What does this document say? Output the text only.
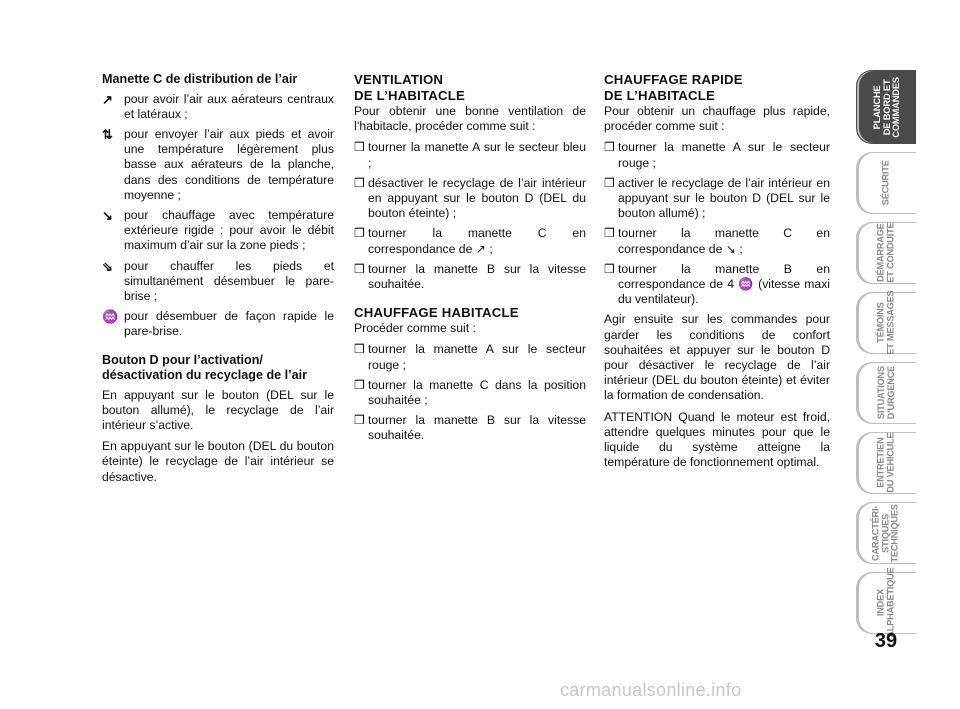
Manette C de distribution de l’air
↗ pour avoir l’air aux aérateurs centraux et latéraux ;
⇅ pour envoyer l’air aux pieds et avoir une température légèrement plus basse aux aérateurs de la planche, dans des conditions de température moyenne ;
↘ pour chauffage avec température extérieure rigide : pour avoir le débit maximum d’air sur la zone pieds ;
⇘ pour chauffer les pieds et simultanément désembuer le pare-brise ;
♒ pour désembuer de façon rapide le pare-brise.
Bouton D pour l’activation/ désactivation du recyclage de l’air

En appuyant sur le bouton (DEL sur le bouton allumé), le recyclage de l’air intérieur s’active.

En appuyant sur le bouton (DEL du bouton éteinte) le recyclage de l’air intérieur se désactive.

VENTILATION
DE L’HABITACLE

Pour obtenir une bonne ventilation de l’habitacle, procéder comme suit :

❒ tourner la manette A sur le secteur bleu ;
❒ désactiver le recyclage de l’air intérieur en appuyant sur le bouton D (DEL du bouton éteinte) ;
❒ tourner la manette C en correspondance de ↗ ;
❒ tourner la manette B sur la vitesse souhaitée.
CHAUFFAGE HABITACLE

Procéder comme suit :

❒ tourner la manette A sur le secteur rouge ;
❒ tourner la manette C dans la position souhaitée ;
❒ tourner la manette B sur la vitesse souhaitée.
CHAUFFAGE RAPIDE
DE L’HABITACLE

Pour obtenir un chauffage plus rapide, procéder comme suit :

❒ tourner la manette A sur le secteur rouge ;
❒ activer le recyclage de l’air intérieur en appuyant sur le bouton D (DEL sur le bouton allumé) ;
❒ tourner la manette C en correspondance de ↘ ;
❒ tourner la manette B en correspondance de 4 ♒ (vitesse maxi du ventilateur).

Agir ensuite sur les commandes pour garder les conditions de confort souhaitées et appuyer sur le bouton D pour désactiver le recyclage de l’air intérieur (DEL du bouton éteinte) et éviter la formation de condensation.

ATTENTION Quand le moteur est froid, attendre quelques minutes pour que le liquide du système atteigne la température de fonctionnement optimal.

PLANCHE
DE BORD ET
COMMANDES
SÉCURITÉ
DÉMARRAGE
ET CONDUITE
TÉMOINS
ET MESSAGES
SITUATIONS
D’URGENCE
ENTRETIEN
DU VÉHICULE
CARACTÉRI-
STIQUES
TECHNIQUES
INDEX
ALPHABÉTIQUE
39
carmanualsonline.info
